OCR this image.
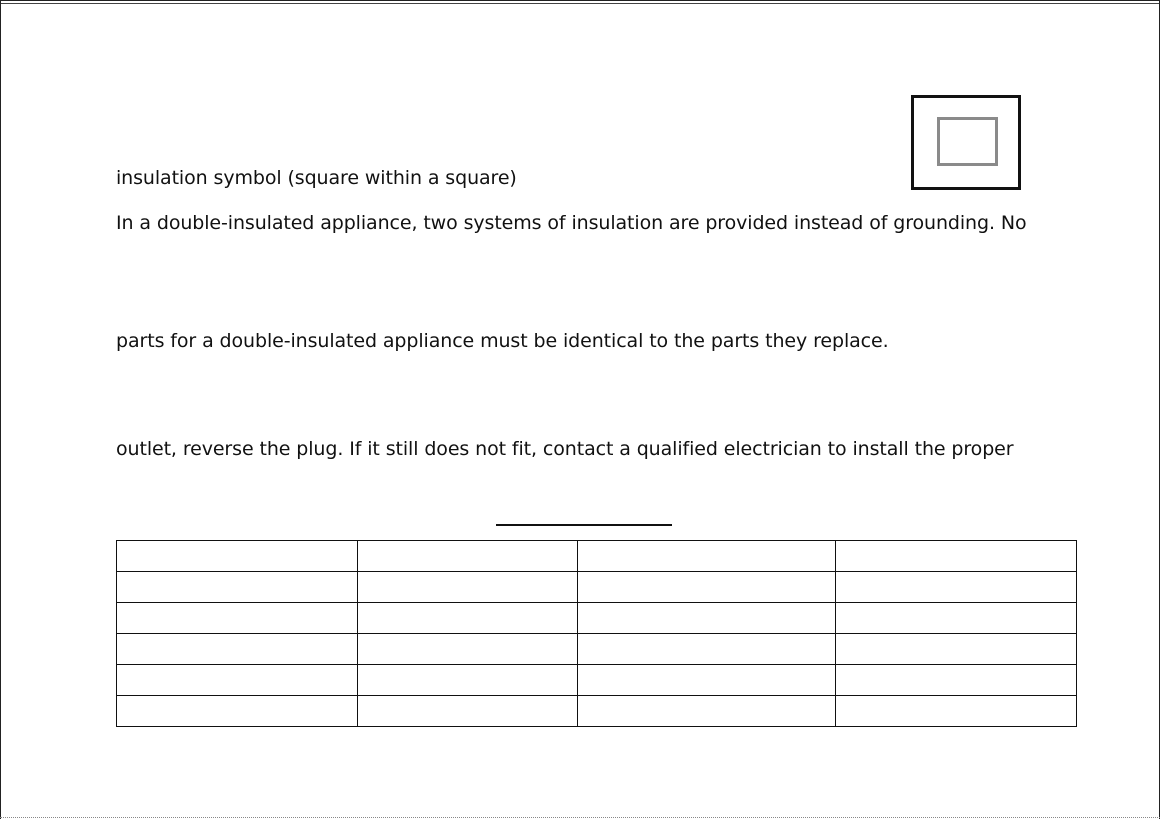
insulation symbol (square within a square)
In a double-insulated appliance, two systems of insulation are provided instead of grounding. No
parts for a double-insulated appliance must be identical to the parts they replace.
outlet, reverse the plug. If it still does not fit, contact a qualified electrician to install the proper
